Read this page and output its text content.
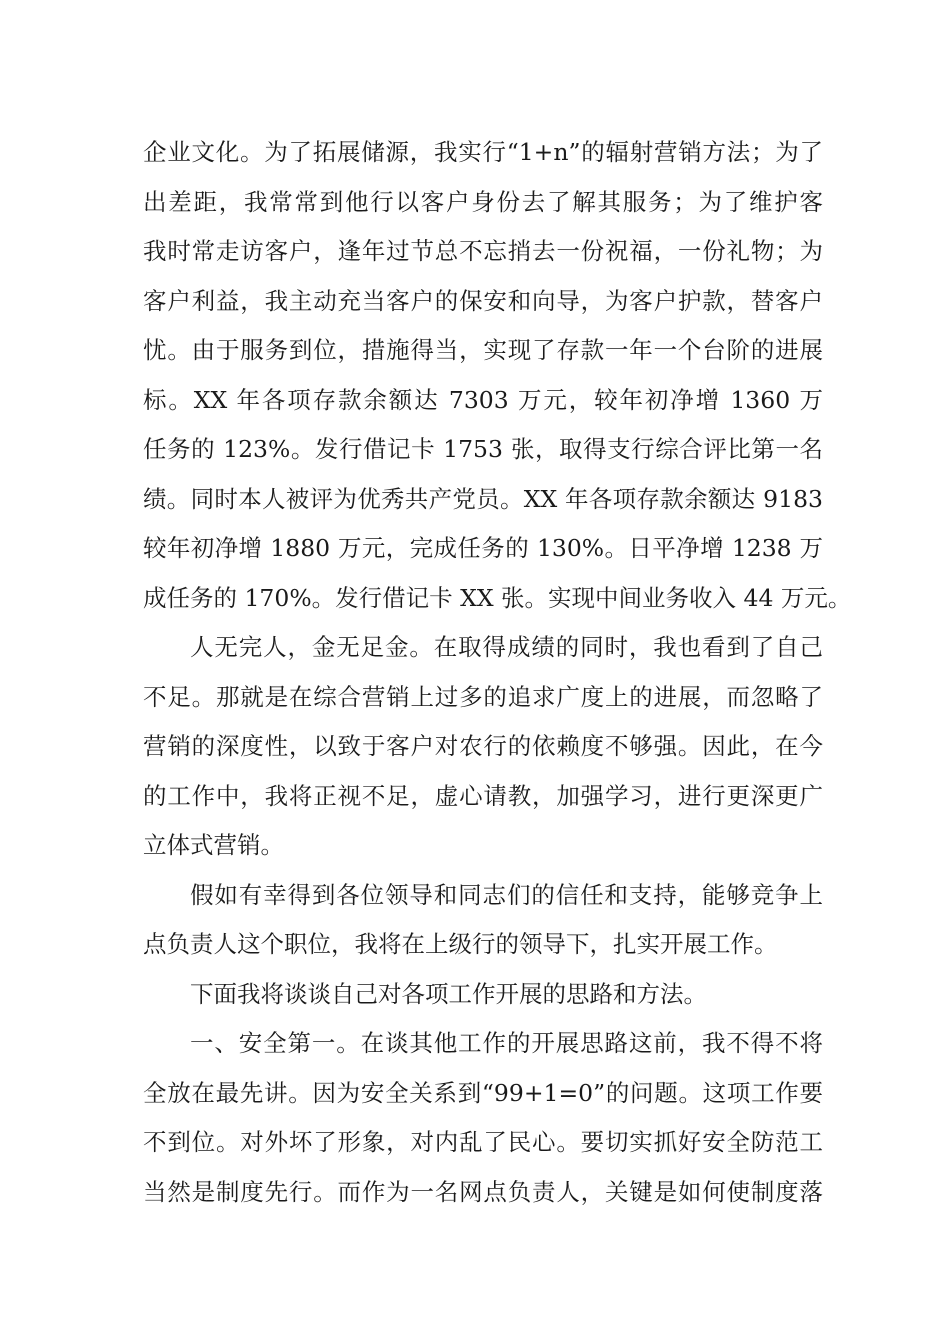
企业文化。为了拓展储源，我实行“1+n”的辐射营销方法；为了
出差距，我常常到他行以客户身份去了解其服务；为了维护客
我时常走访客户，逢年过节总不忘捎去一份祝福，一份礼物；为
客户利益，我主动充当客户的保安和向导，为客户护款，替客户
忧。由于服务到位，措施得当，实现了存款一年一个台阶的进展
标。XX 年各项存款余额达 7303 万元，较年初净增 1360 万
任务的 123%。发行借记卡 1753 张，取得支行综合评比第一名
绩。同时本人被评为优秀共产党员。XX 年各项存款余额达 9183
较年初净增 1880 万元，完成任务的 130%。日平净增 1238 万
成任务的 170%。发行借记卡 XX 张。实现中间业务收入 44 万元。
人无完人，金无足金。在取得成绩的同时，我也看到了自己
不足。那就是在综合营销上过多的追求广度上的进展，而忽略了
营销的深度性，以致于客户对农行的依赖度不够强。因此，在今
的工作中，我将正视不足，虚心请教，加强学习，进行更深更广
立体式营销。
假如有幸得到各位领导和同志们的信任和支持，能够竞争上
点负责人这个职位，我将在上级行的领导下，扎实开展工作。
下面我将谈谈自己对各项工作开展的思路和方法。
一、安全第一。在谈其他工作的开展思路这前，我不得不将
全放在最先讲。因为安全关系到“99+1=0”的问题。这项工作要
不到位。对外坏了形象，对内乱了民心。要切实抓好安全防范工
当然是制度先行。而作为一名网点负责人，关键是如何使制度落
